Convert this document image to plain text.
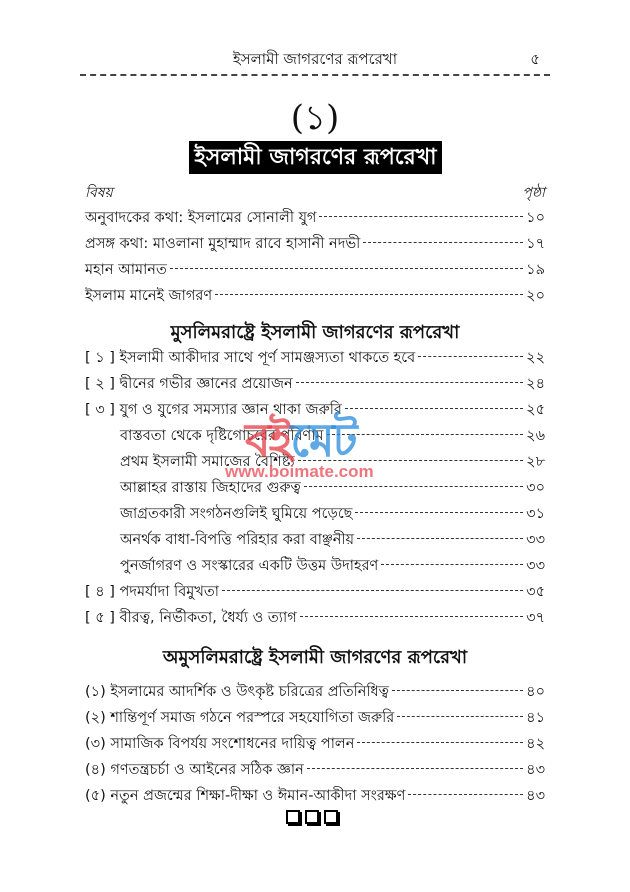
ইসলামী জাগরণের রূপরেখা	৫
(১)
ইসলামী জাগরণের রূপরেখা
বিষয়	পৃষ্ঠা
অনুবাদকের কথা: ইসলামের সোনালী যুগ	১০
প্রসঙ্গ কথা: মাওলানা মুহাম্মাদ রাবে হাসানী নদভী	১৭
মহান আমানত	১৯
ইসলাম মানেই জাগরণ	২০
মুসলিমরাষ্ট্রে ইসলামী জাগরণের রূপরেখা
[ ১ ] ইসলামী আকীদার সাথে পূর্ণ সামঞ্জস্যতা থাকতে হবে	২২
[ ২ ] দ্বীনের গভীর জ্ঞানের প্রয়োজন	২৪
[ ৩ ] যুগ ও যুগের সমস্যার জ্ঞান থাকা জরুরি	২৫
বাস্তবতা থেকে দৃষ্টিগোচরের পরিণাম	২৬
প্রথম ইসলামী সমাজের বৈশিষ্ট্য	২৮
আল্লাহর রাস্তায় জিহাদের গুরুত্ব	৩০
জাগ্রতকারী সংগঠনগুলিই ঘুমিয়ে পড়েছে	৩১
অনর্থক বাধা-বিপত্তি পরিহার করা বাঞ্ছনীয়	৩৩
পুনর্জাগরণ ও সংস্কারের একটি উত্তম উদাহরণ	৩৩
[ ৪ ] পদমর্যাদা বিমুখতা	৩৫
[ ৫ ] বীরত্ব, নির্ভীকতা, ধৈর্য্য ও ত্যাগ	৩৭
অমুসলিমরাষ্ট্রে ইসলামী জাগরণের রূপরেখা
(১) ইসলামের আদর্শিক ও উৎকৃষ্ট চরিত্রের প্রতিনিধিত্ব	৪০
(২) শান্তিপূর্ণ সমাজ গঠনে পরস্পরে সহযোগিতা জরুরি	৪১
(৩) সামাজিক বিপর্যয় সংশোধনের দায়িত্ব পালন	৪২
(৪) গণতন্ত্রচর্চা ও আইনের সঠিক জ্ঞান	৪৩
(৫) নতুন প্রজন্মের শিক্ষা-দীক্ষা ও ঈমান-আকীদা সংরক্ষণ	৪৩
বইমেট
www.boimate.com
